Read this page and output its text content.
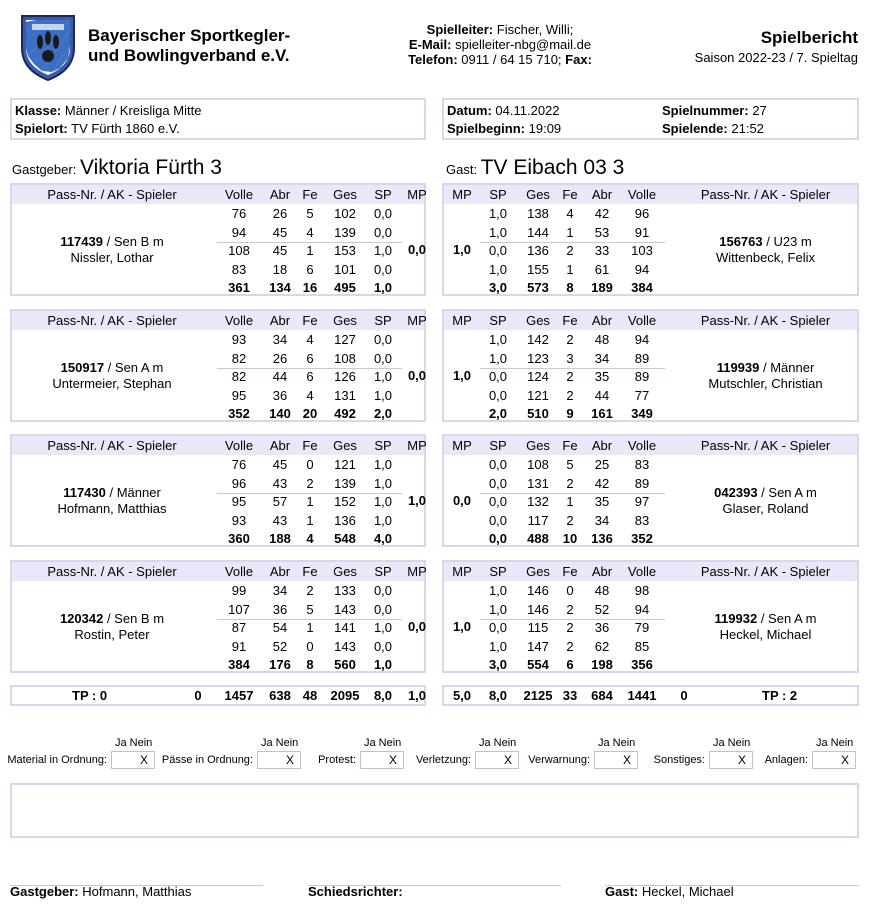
Bayerischer Sportkegler-
und Bowlingverband e.V.
Spielleiter: Fischer, Willi;
E-Mail: spielleiter-nbg@mail.de
Telefon: 0911 / 64 15 710; Fax:
Spielbericht
Saison 2022-23 / 7. Spieltag
Klasse: Männer / Kreisliga Mitte
Spielort: TV Fürth 1860 e.V.
Datum: 04.11.2022
Spielbeginn: 19:09
Spielnummer: 27
Spielende: 21:52
Gastgeber: Viktoria Fürth 3	Gast: TV Eibach 03 3
Pass-Nr. / AK - Spieler	Volle	Abr Fe	Ges	SP	MP
76	26	5	102	0,0
94	45	4	139	0,0
108	45	1	153	1,0
83	18	6	101	0,0
361	134 16	495	1,0
117439 / Sen B m
Nissler, Lothar
0,0
MP	SP	Ges Fe	Abr	Volle	Pass-Nr. / AK - Spieler
1,0	138	4	42	96
1,0	144	1	53	91
0,0	136	2	33	103
1,0	155	1	61	94
3,0	573	8	189	384
156763 / U23 m
Wittenbeck, Felix
1,0
Pass-Nr. / AK - Spieler	Volle	Abr Fe	Ges	SP	MP
93	34	4	127	0,0
82	26	6	108	0,0
82	44	6	126	1,0
95	36	4	131	1,0
352	140 20	492	2,0
150917 / Sen A m
Untermeier, Stephan
0,0
MP	SP	Ges Fe	Abr	Volle	Pass-Nr. / AK - Spieler
1,0	142	2	48	94
1,0	123	3	34	89
0,0	124	2	35	89
0,0	121	2	44	77
2,0	510	9	161	349
119939 / Männer
Mutschler, Christian
1,0
Pass-Nr. / AK - Spieler	Volle	Abr Fe	Ges	SP	MP
76	45	0	121	1,0
96	43	2	139	1,0
95	57	1	152	1,0
93	43	1	136	1,0
360	188	4	548	4,0
117430 / Männer
Hofmann, Matthias
1,0
MP	SP	Ges Fe	Abr	Volle	Pass-Nr. / AK - Spieler
0,0	108	5	25	83
0,0	131	2	42	89
0,0	132	1	35	97
0,0	117	2	34	83
0,0	488	10	136	352
042393 / Sen A m
Glaser, Roland
0,0
Pass-Nr. / AK - Spieler	Volle	Abr Fe	Ges	SP	MP
99	34	2	133	0,0
107	36	5	143	0,0
87	54	1	141	1,0
91	52	0	143	0,0
384	176	8	560	1,0
120342 / Sen B m
Rostin, Peter
0,0
MP	SP	Ges Fe	Abr	Volle	Pass-Nr. / AK - Spieler
1,0	146	0	48	98
1,0	146	2	52	94
0,0	115	2	36	79
1,0	147	2	62	85
3,0	554	6	198	356
119932 / Sen A m
Heckel, Michael
1,0
TP : 0	0	1457	638 48	2095	8,0	1,0	5,0	8,0	2125 33	684	1441	0	TP : 2
Ja Nein
Material in Ordnung:	X
Ja Nein
Pässe in Ordnung:	X
Ja Nein
Protest:	X
Ja Nein
Verletzung:	X
Ja Nein
Verwarnung:	X
Ja Nein
Sonstiges:	X
Ja Nein
Anlagen:	X
Gastgeber: Hofmann, Matthias	Schiedsrichter:	Gast: Heckel, Michael
